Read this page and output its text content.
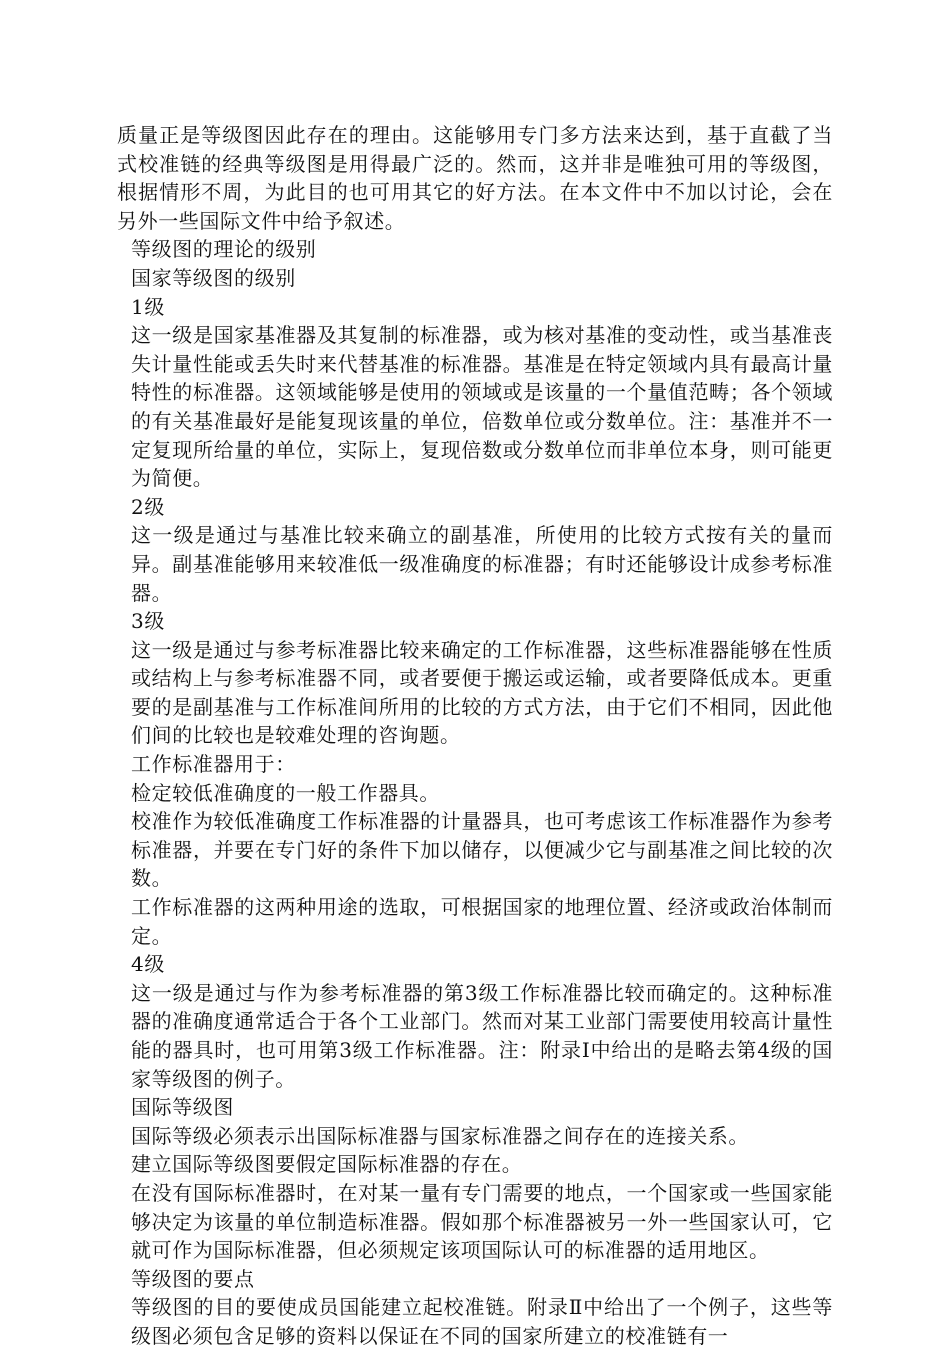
质量正是等级图因此存在的理由。这能够用专门多方法来达到，基于直截了当式校准链的经典等级图是用得最广泛的。然而，这并非是唯独可用的等级图，根据情形不周，为此目的也可用其它的好方法。在本文件中不加以讨论，会在另外一些国际文件中给予叙述。

等级图的理论的级别

国家等级图的级别

1级

这一级是国家基准器及其复制的标准器，或为核对基准的变动性，或当基准丧失计量性能或丢失时来代替基准的标准器。基准是在特定领域内具有最高计量特性的标准器。这领域能够是使用的领域或是该量的一个量值范畴；各个领域的有关基准最好是能复现该量的单位，倍数单位或分数单位。注：基准并不一定复现所给量的单位，实际上，复现倍数或分数单位而非单位本身，则可能更为简便。

2级

这一级是通过与基准比较来确立的副基准，所使用的比较方式按有关的量而异。副基准能够用来较准低一级准确度的标准器；有时还能够设计成参考标准器。

3级

这一级是通过与参考标准器比较来确定的工作标准器，这些标准器能够在性质或结构上与参考标准器不同，或者要便于搬运或运输，或者要降低成本。更重要的是副基准与工作标准间所用的比较的方式方法，由于它们不相同，因此他们间的比较也是较难处理的咨询题。

工作标准器用于：

检定较低准确度的一般工作器具。

校准作为较低准确度工作标准器的计量器具，也可考虑该工作标准器作为参考标准器，并要在专门好的条件下加以储存，以便减少它与副基准之间比较的次数。

工作标准器的这两种用途的选取，可根据国家的地理位置、经济或政治体制而定。

4级

这一级是通过与作为参考标准器的第3级工作标准器比较而确定的。这种标准器的准确度通常适合于各个工业部门。然而对某工业部门需要使用较高计量性能的器具时，也可用第3级工作标准器。注：附录Ⅰ中给出的是略去第4级的国家等级图的例子。

国际等级图

国际等级必须表示出国际标准器与国家标准器之间存在的连接关系。

建立国际等级图要假定国际标准器的存在。

在没有国际标准器时，在对某一量有专门需要的地点，一个国家或一些国家能够决定为该量的单位制造标准器。假如那个标准器被另一外一些国家认可，它就可作为国际标准器，但必须规定该项国际认可的标准器的适用地区。

等级图的要点

等级图的目的要使成员国能建立起校准链。附录Ⅱ中给出了一个例子，这些等级图必须包含足够的资料以保证在不同的国家所建立的校准链有一
